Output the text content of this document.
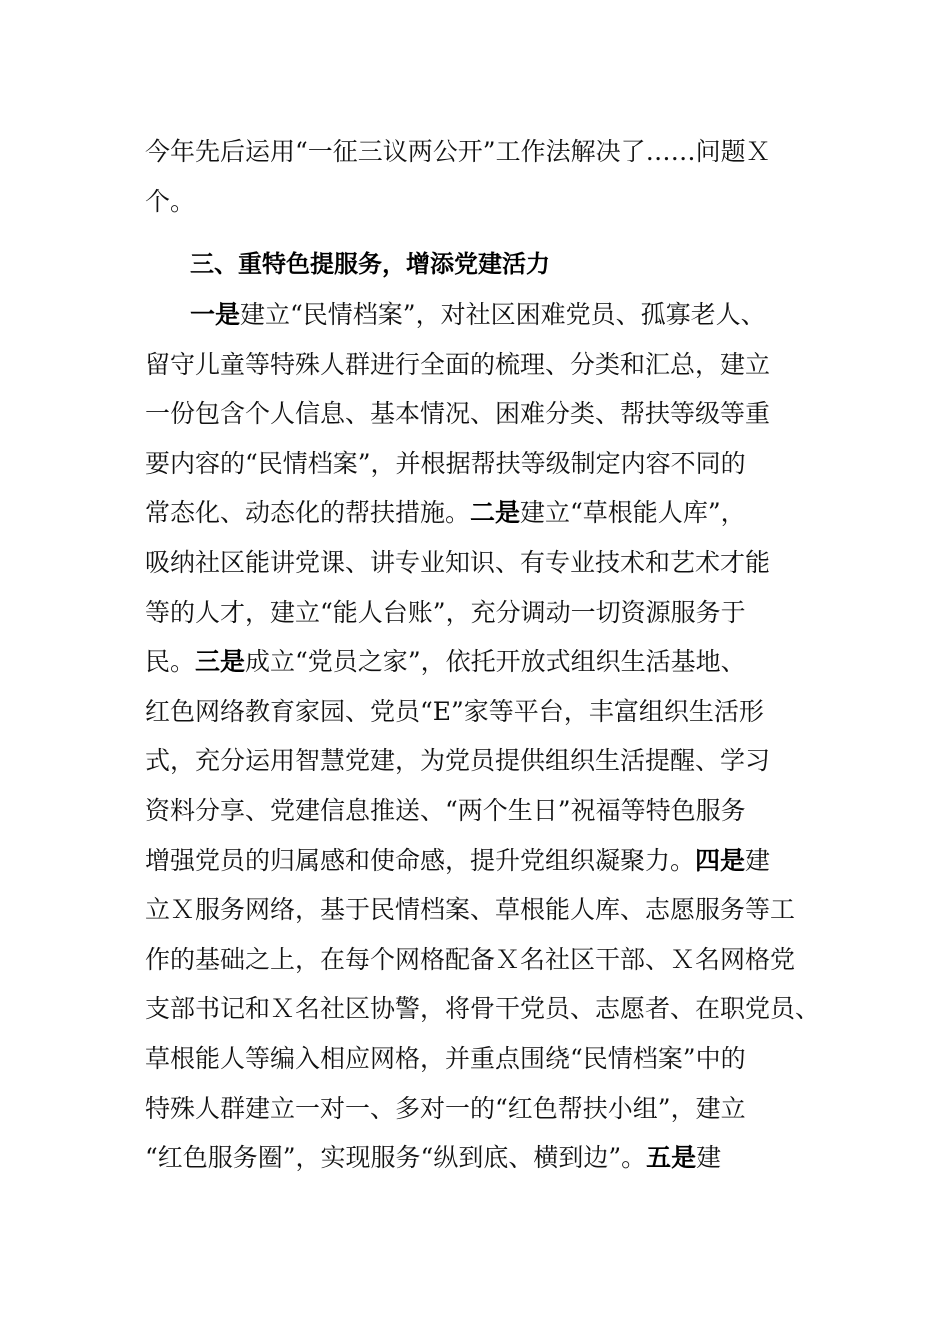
今年先后运用“一征三议两公开”工作法解决了……问题Ｘ
个。
三、重特色提服务，增添党建活力
一是建立“民情档案”，对社区困难党员、孤寡老人、
留守儿童等特殊人群进行全面的梳理、分类和汇总，建立
一份包含个人信息、基本情况、困难分类、帮扶等级等重
要内容的“民情档案”，并根据帮扶等级制定内容不同的
常态化、动态化的帮扶措施。二是建立“草根能人库”，
吸纳社区能讲党课、讲专业知识、有专业技术和艺术才能
等的人才，建立“能人台账”，充分调动一切资源服务于
民。三是成立“党员之家”，依托开放式组织生活基地、
红色网络教育家园、党员“E”家等平台，丰富组织生活形
式，充分运用智慧党建，为党员提供组织生活提醒、学习
资料分享、党建信息推送、“两个生日”祝福等特色服务
增强党员的归属感和使命感，提升党组织凝聚力。四是建
立Ｘ服务网络，基于民情档案、草根能人库、志愿服务等工
作的基础之上，在每个网格配备Ｘ名社区干部、Ｘ名网格党
支部书记和Ｘ名社区协警，将骨干党员、志愿者、在职党员、
草根能人等编入相应网格，并重点围绕“民情档案”中的
特殊人群建立一对一、多对一的“红色帮扶小组”，建立
“红色服务圈”，实现服务“纵到底、横到边”。五是建
